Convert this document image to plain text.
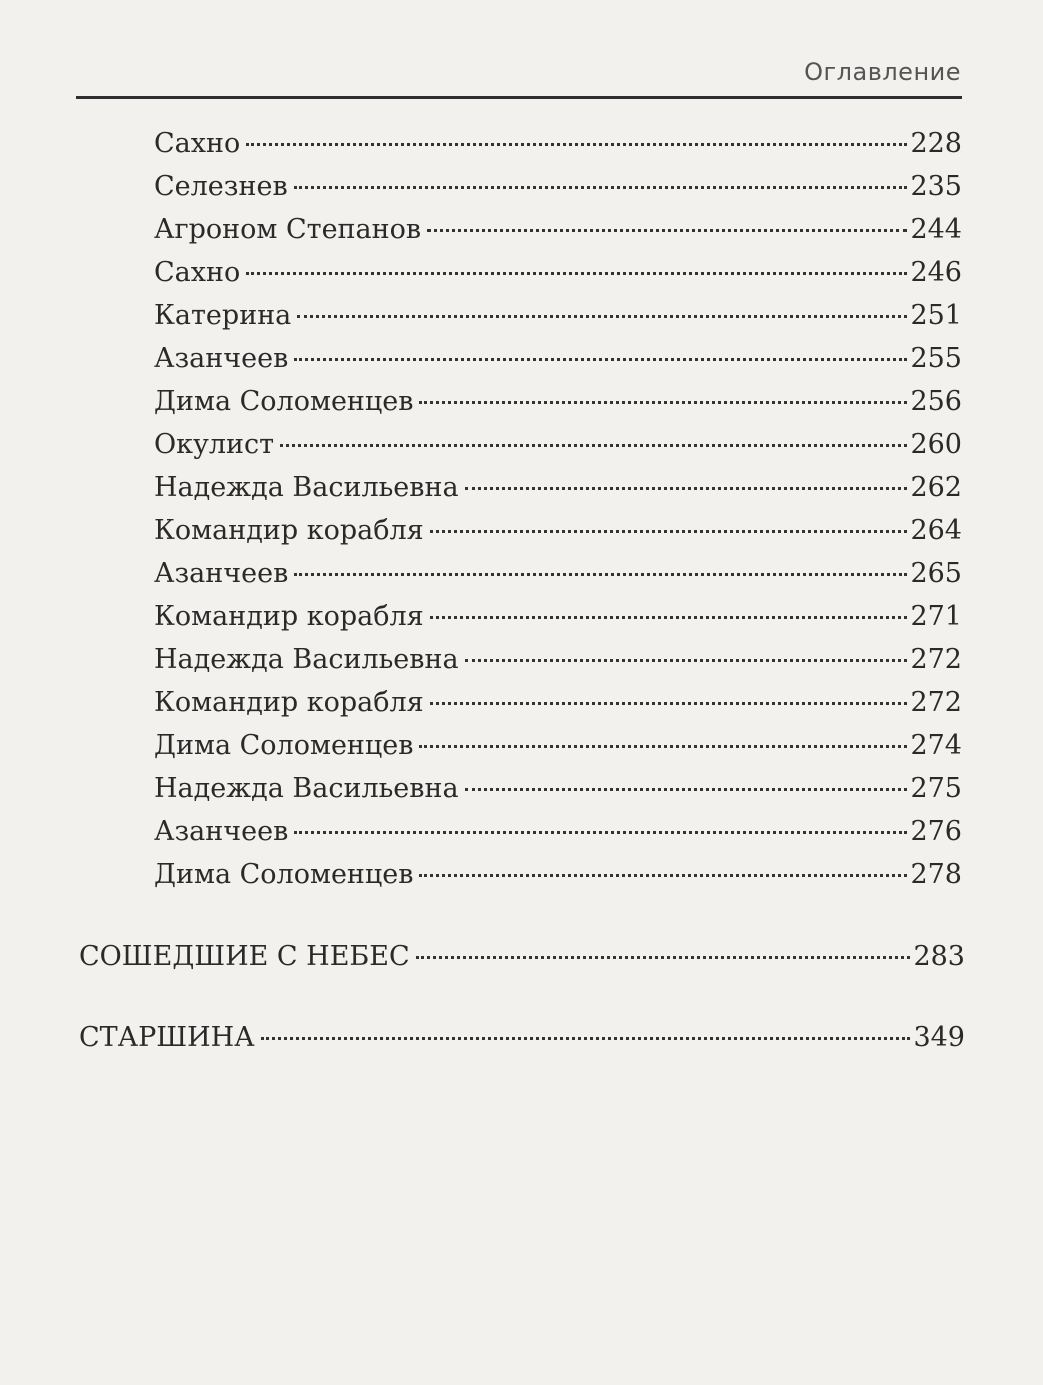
Оглавление
Сахно	228
Селезнев	235
Агроном Степанов	244
Сахно	246
Катерина	251
Азанчеев	255
Дима Соломенцев	256
Окулист	260
Надежда Васильевна	262
Командир корабля	264
Азанчеев	265
Командир корабля	271
Надежда Васильевна	272
Командир корабля	272
Дима Соломенцев	274
Надежда Васильевна	275
Азанчеев	276
Дима Соломенцев	278
СОШЕДШИЕ С НЕБЕС	283
СТАРШИНА	349
